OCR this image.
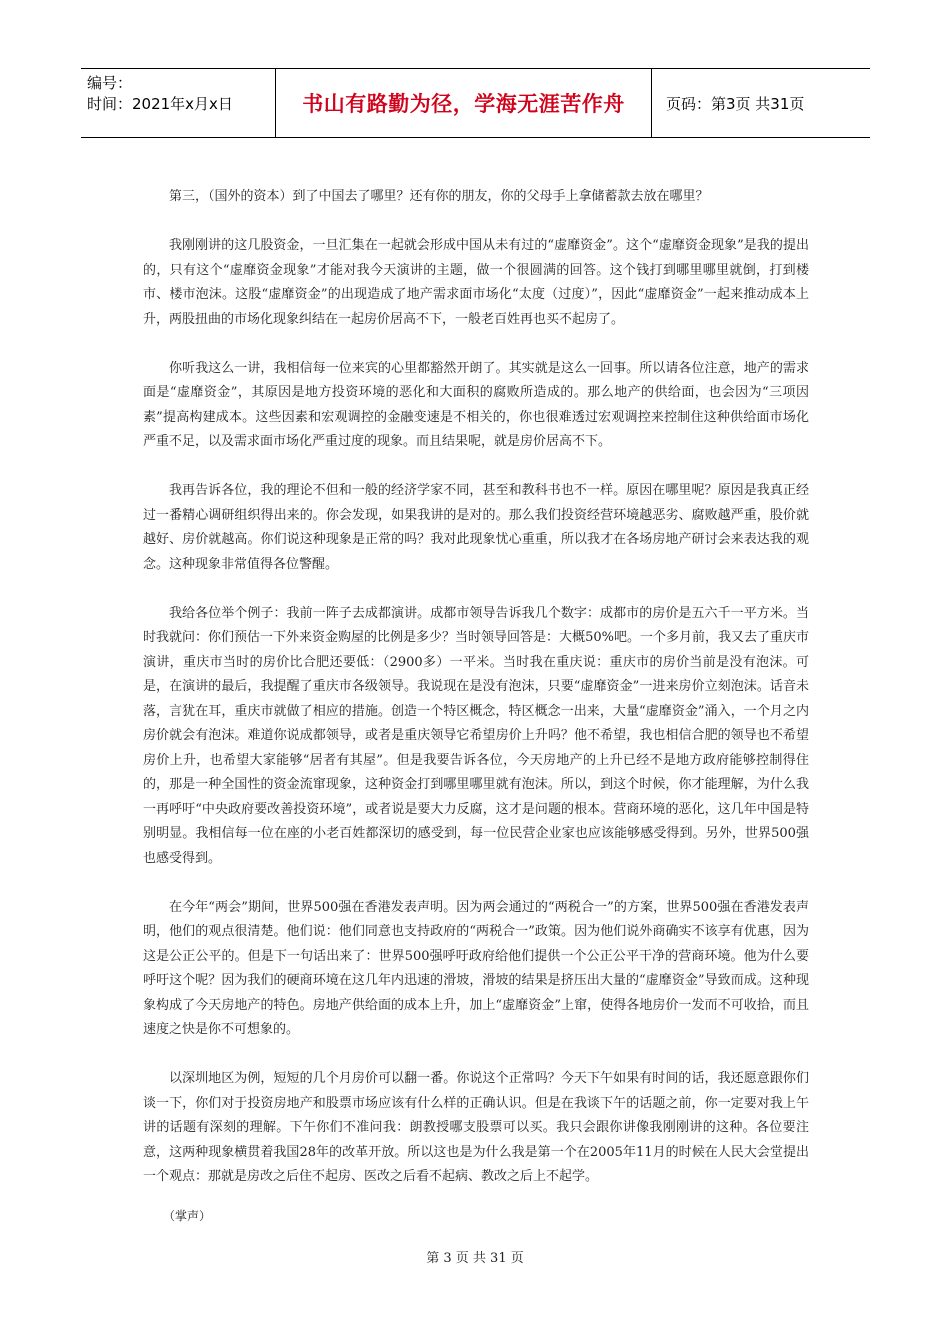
编号：
时间：2021年x月x日	书山有路勤为径，学海无涯苦作舟	页码：第3页 共31页

第三，（国外的资本）到了中国去了哪里？还有你的朋友，你的父母手上拿储蓄款去放在哪里？

我刚刚讲的这几股资金，一旦汇集在一起就会形成中国从未有过的“虚靡资金”。这个“虚靡资金现象”是我的提出的，只有这个“虚靡资金现象”才能对我今天演讲的主题，做一个很圆满的回答。这个钱打到哪里哪里就倒，打到楼市、楼市泡沫。这股“虚靡资金”的出现造成了地产需求面市场化“太度（过度）”，因此“虚靡资金”一起来推动成本上升，两股扭曲的市场化现象纠结在一起房价居高不下，一般老百姓再也买不起房了。

你听我这么一讲，我相信每一位来宾的心里都豁然开朗了。其实就是这么一回事。所以请各位注意，地产的需求面是“虚靡资金”，其原因是地方投资环境的恶化和大面积的腐败所造成的。那么地产的供给面，也会因为“三项因素”提高构建成本。这些因素和宏观调控的金融变速是不相关的，你也很难透过宏观调控来控制住这种供给面市场化严重不足，以及需求面市场化严重过度的现象。而且结果呢，就是房价居高不下。

我再告诉各位，我的理论不但和一般的经济学家不同，甚至和教科书也不一样。原因在哪里呢？原因是我真正经过一番精心调研组织得出来的。你会发现，如果我讲的是对的。那么我们投资经营环境越恶劣、腐败越严重，股价就越好、房价就越高。你们说这种现象是正常的吗？我对此现象忧心重重，所以我才在各场房地产研讨会来表达我的观念。这种现象非常值得各位警醒。

我给各位举个例子：我前一阵子去成都演讲。成都市领导告诉我几个数字：成都市的房价是五六千一平方米。当时我就问：你们预估一下外来资金购屋的比例是多少？当时领导回答是：大概50%吧。一个多月前，我又去了重庆市演讲，重庆市当时的房价比合肥还要低：（2900多）一平米。当时我在重庆说：重庆市的房价当前是没有泡沫。可是，在演讲的最后，我提醒了重庆市各级领导。我说现在是没有泡沫，只要“虚靡资金”一进来房价立刻泡沫。话音未落，言犹在耳，重庆市就做了相应的措施。创造一个特区概念，特区概念一出来，大量“虚靡资金”涌入，一个月之内房价就会有泡沫。难道你说成都领导，或者是重庆领导它希望房价上升吗？他不希望，我也相信合肥的领导也不希望房价上升，也希望大家能够“居者有其屋”。但是我要告诉各位，今天房地产的上升已经不是地方政府能够控制得住的，那是一种全国性的资金流窜现象，这种资金打到哪里哪里就有泡沫。所以，到这个时候，你才能理解，为什么我一再呼吁“中央政府要改善投资环境”，或者说是要大力反腐，这才是问题的根本。营商环境的恶化，这几年中国是特别明显。我相信每一位在座的小老百姓都深切的感受到，每一位民营企业家也应该能够感受得到。另外，世界500强也感受得到。

在今年“两会”期间，世界500强在香港发表声明。因为两会通过的“两税合一”的方案，世界500强在香港发表声明，他们的观点很清楚。他们说：他们同意也支持政府的“两税合一”政策。因为他们说外商确实不该享有优惠，因为这是公正公平的。但是下一句话出来了：世界500强呼吁政府给他们提供一个公正公平干净的营商环境。他为什么要呼吁这个呢？因为我们的硬商环境在这几年内迅速的滑坡，滑坡的结果是挤压出大量的“虚靡资金”导致而成。这种现象构成了今天房地产的特色。房地产供给面的成本上升，加上“虚靡资金”上窜，使得各地房价一发而不可收拾，而且速度之快是你不可想象的。

以深圳地区为例，短短的几个月房价可以翻一番。你说这个正常吗？今天下午如果有时间的话，我还愿意跟你们谈一下，你们对于投资房地产和股票市场应该有什么样的正确认识。但是在我谈下午的话题之前，你一定要对我上午讲的话题有深刻的理解。下午你们不准问我：朗教授哪支股票可以买。我只会跟你讲像我刚刚讲的这种。各位要注意，这两种现象横贯着我国28年的改革开放。所以这也是为什么我是第一个在2005年11月的时候在人民大会堂提出一个观点：那就是房改之后住不起房、医改之后看不起病、教改之后上不起学。

（掌声）
第 3 页 共 31 页
